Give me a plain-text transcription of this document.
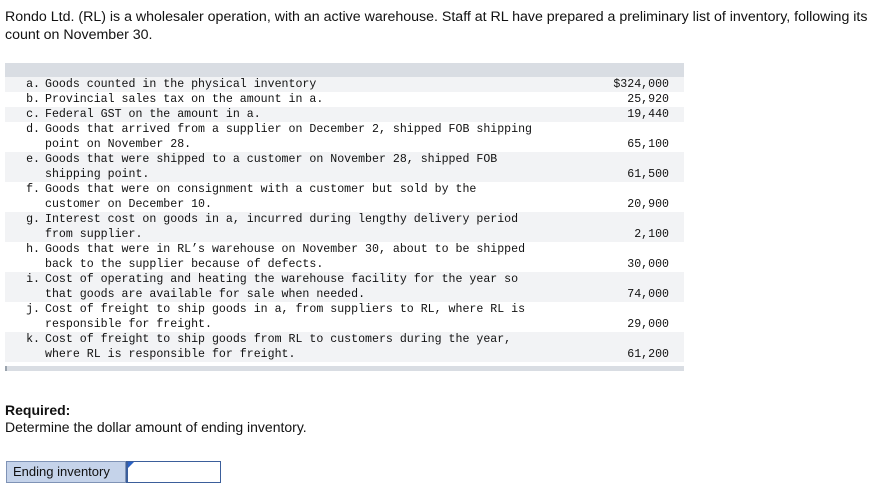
Rondo Ltd. (RL) is a wholesaler operation, with an active warehouse. Staff at RL have prepared a preliminary list of inventory, following its count on November 30.
a.	Goods counted in the physical inventory	$324,000
b.	Provincial sales tax on the amount in a.	25,920
c.	Federal GST on the amount in a.	19,440
d.	Goods that arrived from a supplier on December 2, shipped FOB shipping
point on November 28.	65,100
e.	Goods that were shipped to a customer on November 28, shipped FOB
shipping point.	61,500
f.	Goods that were on consignment with a customer but sold by the
customer on December 10.	20,900
g.	Interest cost on goods in a, incurred during lengthy delivery period
from supplier.	2,100
h.	Goods that were in RL’s warehouse on November 30, about to be shipped
back to the supplier because of defects.	30,000
i.	Cost of operating and heating the warehouse facility for the year so
that goods are available for sale when needed.	74,000
j.	Cost of freight to ship goods in a, from suppliers to RL, where RL is
responsible for freight.	29,000
k.	Cost of freight to ship goods from RL to customers during the year,
where RL is responsible for freight.	61,200
Required:
Determine the dollar amount of ending inventory.
Ending inventory
